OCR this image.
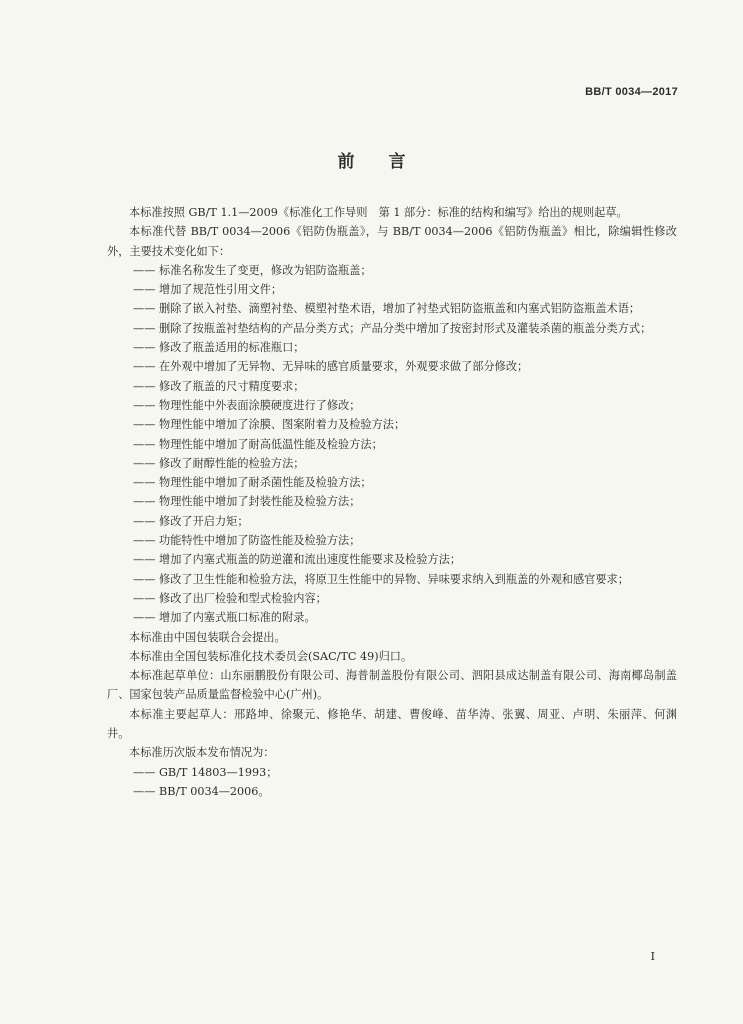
BB/T 0034—2017
前言

本标准按照 GB/T 1.1—2009《标准化工作导则　第 1 部分：标准的结构和编写》给出的规则起草。

本标准代替 BB/T 0034—2006《铝防伪瓶盖》，与 BB/T 0034—2006《铝防伪瓶盖》相比，除编辑性修改外，主要技术变化如下：

—— 标准名称发生了变更，修改为铝防盗瓶盖；

—— 增加了规范性引用文件；

—— 删除了嵌入衬垫、滴塑衬垫、模塑衬垫术语，增加了衬垫式铝防盗瓶盖和内塞式铝防盗瓶盖术语；

—— 删除了按瓶盖衬垫结构的产品分类方式；产品分类中增加了按密封形式及灌装杀菌的瓶盖分类方式；

—— 修改了瓶盖适用的标准瓶口；

—— 在外观中增加了无异物、无异味的感官质量要求，外观要求做了部分修改；

—— 修改了瓶盖的尺寸精度要求；

—— 物理性能中外表面涂膜硬度进行了修改；

—— 物理性能中增加了涂膜、图案附着力及检验方法；

—— 物理性能中增加了耐高低温性能及检验方法；

—— 修改了耐醇性能的检验方法；

—— 物理性能中增加了耐杀菌性能及检验方法；

—— 物理性能中增加了封装性能及检验方法；

—— 修改了开启力矩；

—— 功能特性中增加了防盗性能及检验方法；

—— 增加了内塞式瓶盖的防逆灌和流出速度性能要求及检验方法；

—— 修改了卫生性能和检验方法，将原卫生性能中的异物、异味要求纳入到瓶盖的外观和感官要求；

—— 修改了出厂检验和型式检验内容；

—— 增加了内塞式瓶口标准的附录。

本标准由中国包装联合会提出。

本标准由全国包装标准化技术委员会(SAC/TC 49)归口。

本标准起草单位：山东丽鹏股份有限公司、海普制盖股份有限公司、泗阳县成达制盖有限公司、海南椰岛制盖厂、国家包装产品质量监督检验中心(广州)。

本标准主要起草人：邢路坤、徐聚元、修艳华、胡建、曹俊峰、苗华涛、张翼、周亚、卢明、朱丽萍、何渊井。

本标准历次版本发布情况为：

—— GB/T 14803—1993；

—— BB/T 0034—2006。

I
